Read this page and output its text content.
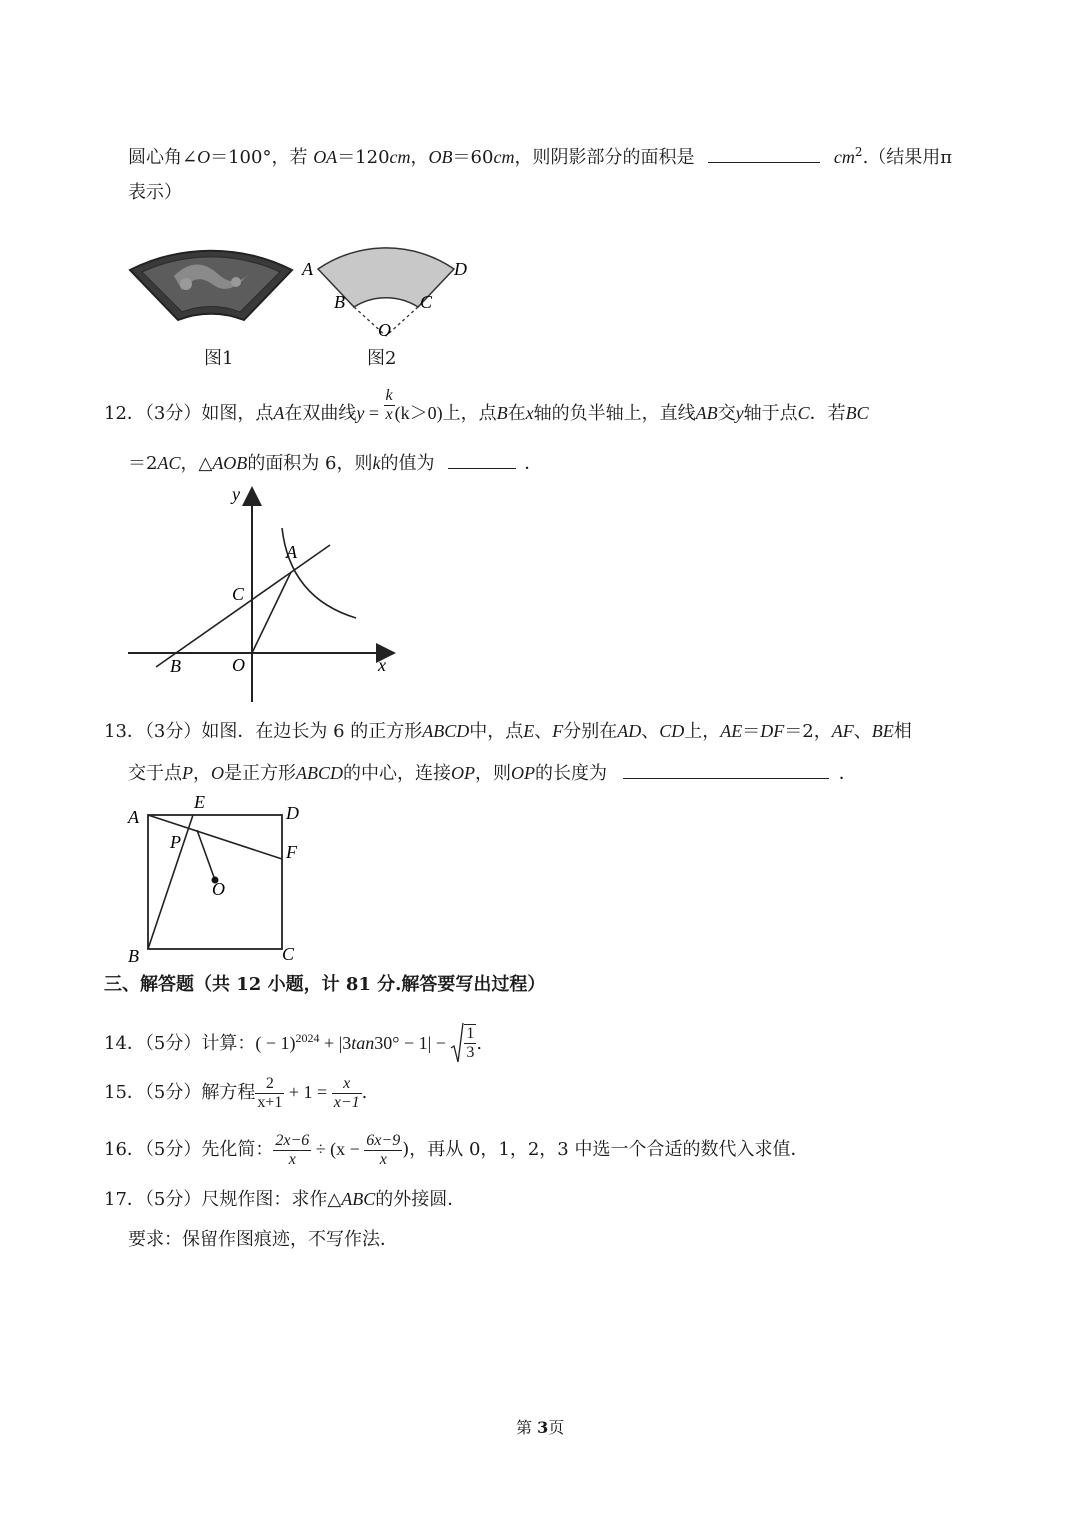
圆心角∠O＝100°，若 OA＝120cm，OB＝60cm，则阴影部分的面积是	$cm^2$.（结果用π
表示）
图1
A	D
B	C
O
图2
12．（3分）如图，点A在双曲线$y = \frac{k}{x} (k>0)$上，点B在x轴的负半轴上，直线AB交y轴于点C．若BC
＝2AC，△AOB的面积为 6，则k的值为	．
y
x
A
C
B	O
13．（3分）如图．在边长为 6 的正方形ABCD中，点E、F分别在AD、CD上，AE＝DF＝2，AF、BE相
交于点P，O是正方形ABCD的中心，连接OP，则OP的长度为	．
A
E
D
F
P
O
B	C
三、解答题（共 12 小题，计 81 分.解答要写出过程）
14．（5分）计算：( − $1)^{2024} + |3\tan 30^\circ - 1| - \frac{1}{3}$ .
15．（5分）解方程 $\frac{2}{x+1} + 1 = \frac{x}{x-1}$ .
16．（5分）先化简： $\frac{2x-6}{x} \div (x - \frac{6x-9}{x}$ )，再从 0，1，2，3 中选一个合适的数代入求值．
17．（5分）尺规作图：求作△ABC的外接圆．
要求：保留作图痕迹，不写作法．
第 3页
